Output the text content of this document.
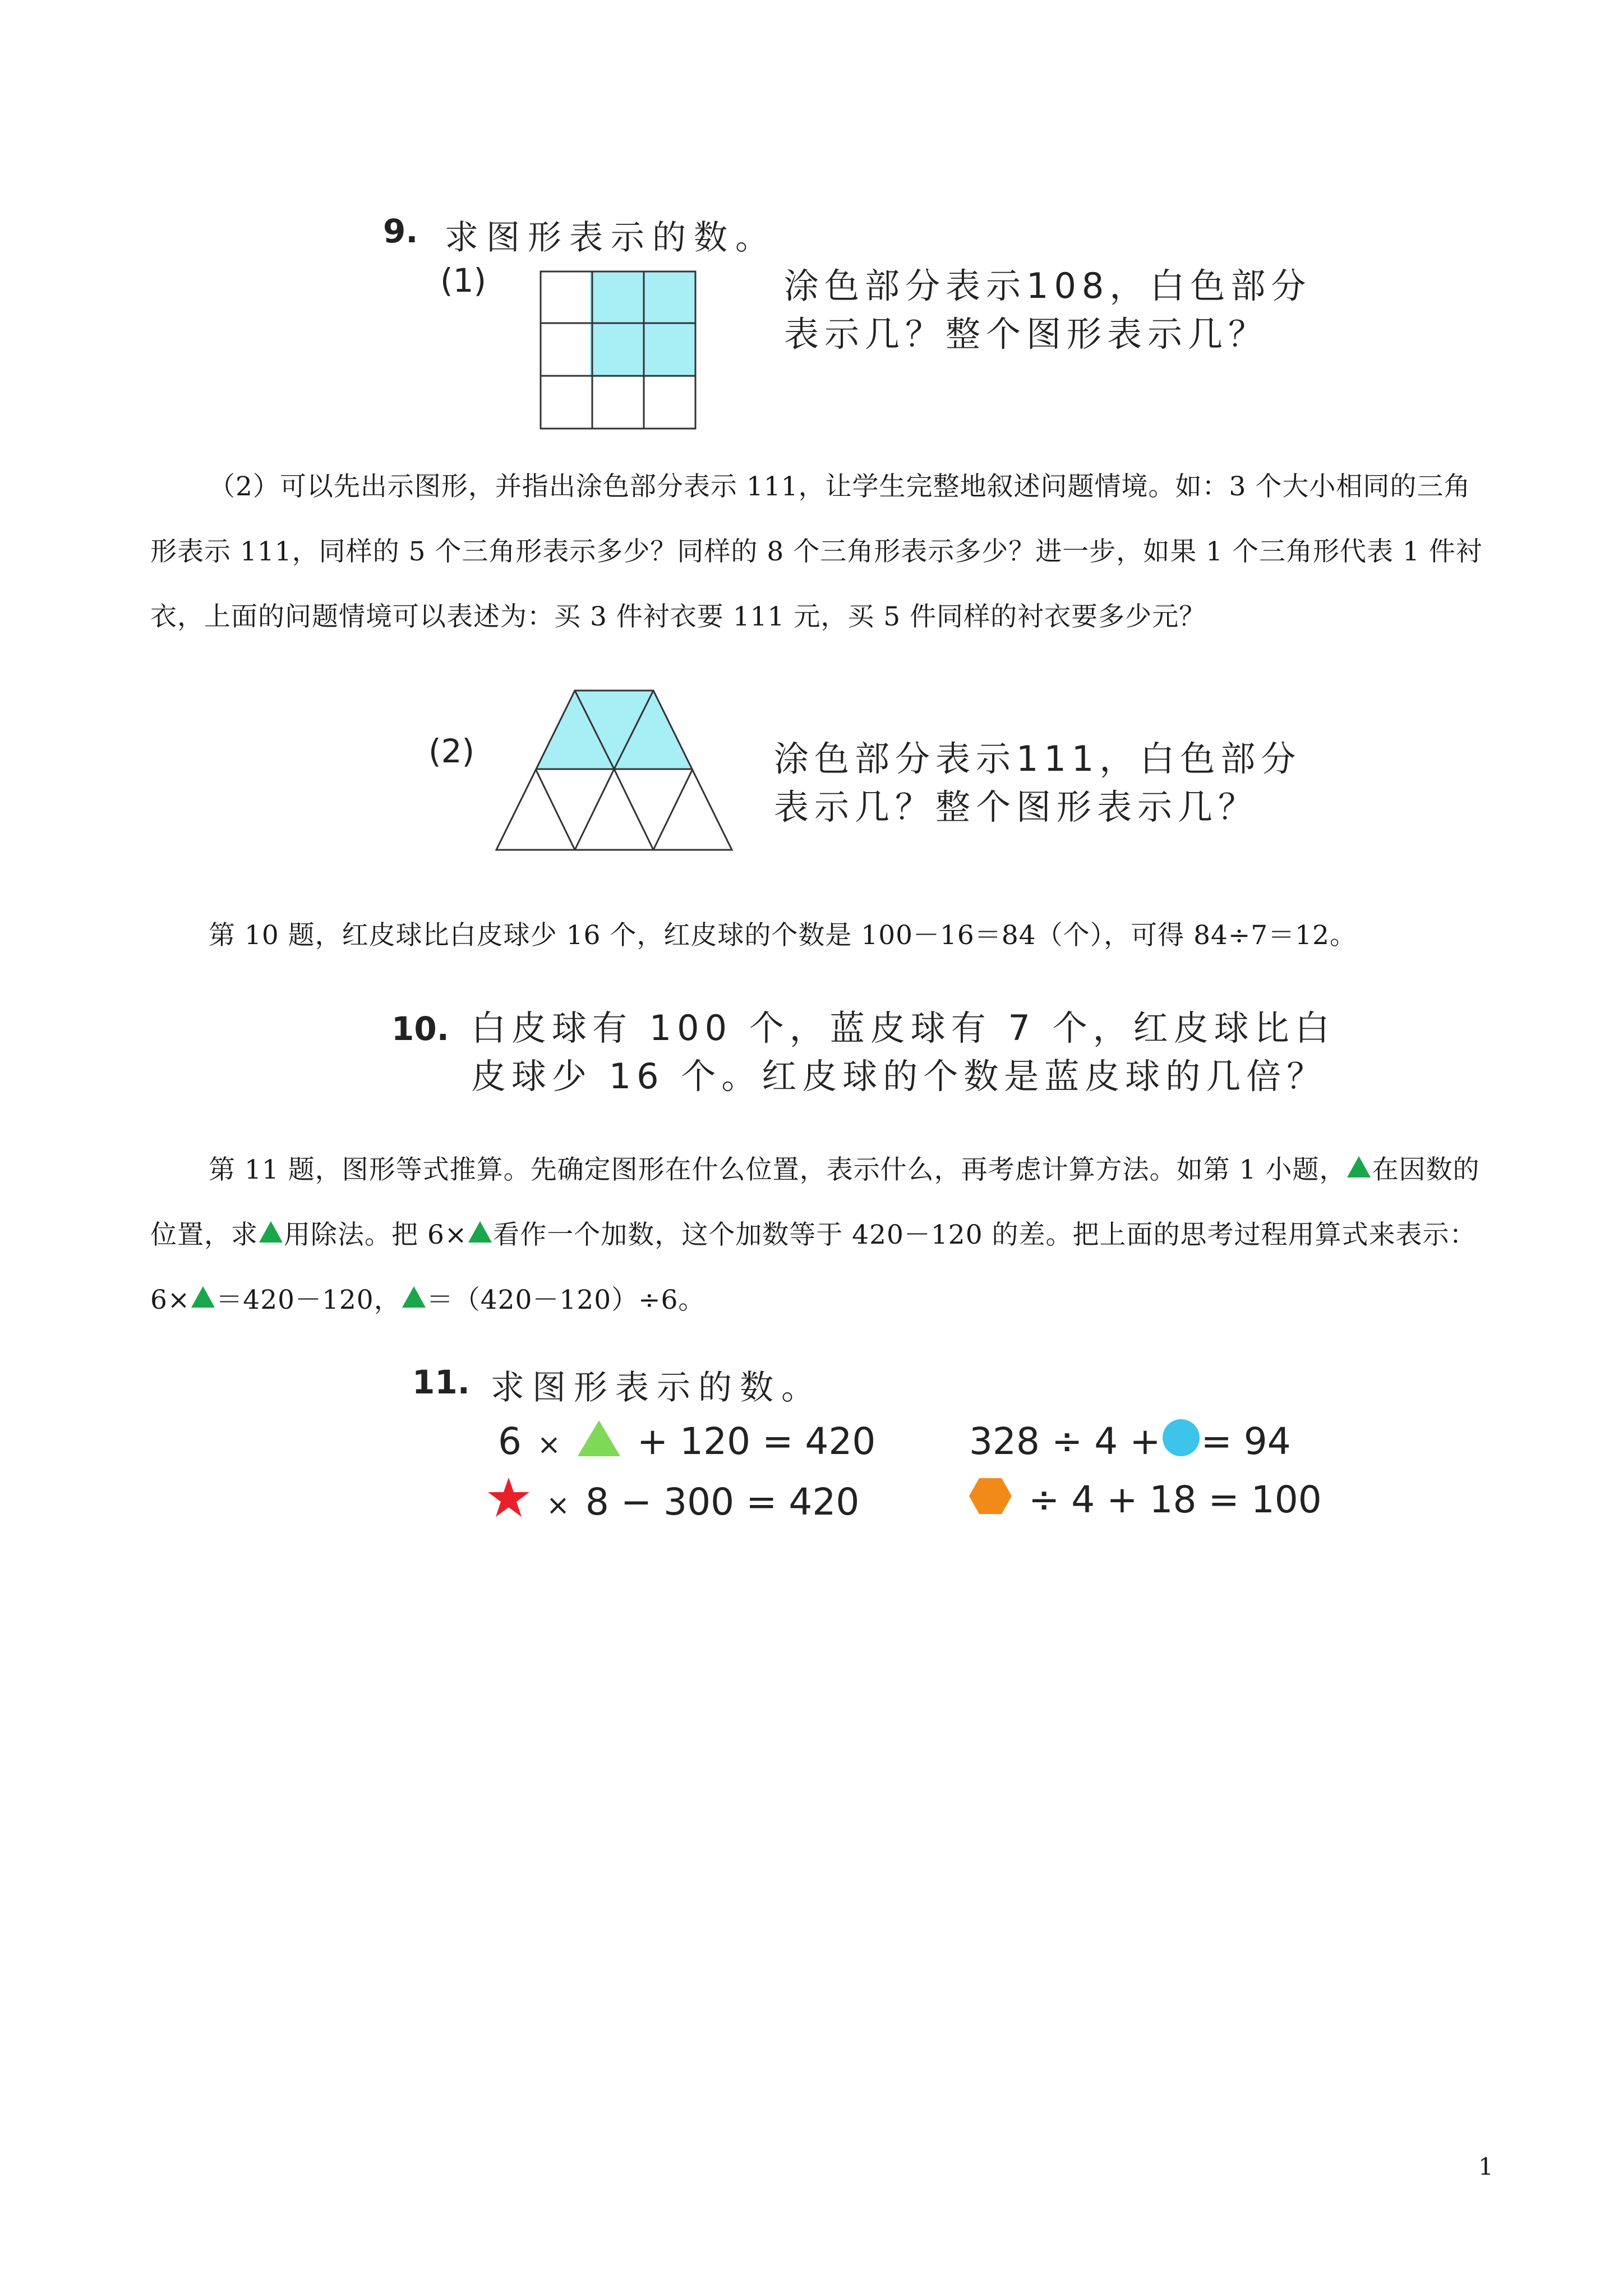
9. 求图形表示的数。
(1)	涂色部分表示108，白色部分
表示几？整个图形表示几？
（2）可以先出示图形，并指出涂色部分表示 111，让学生完整地叙述问题情境。如：3 个大小相同的三角形表示 111，同样的 5 个三角形表示多少？同样的 8 个三角形表示多少？进一步，如果 1 个三角形代表 1 件衬衣，上面的问题情境可以表述为：买 3 件衬衣要 111 元，买 5 件同样的衬衣要多少元？
(2)	涂色部分表示111，白色部分
表示几？整个图形表示几？
第 10 题，红皮球比白皮球少 16 个，红皮球的个数是 100－16＝84（个），可得 84÷7＝12。
10. 白皮球有 100 个，蓝皮球有 7 个，红皮球比白
皮球少 16 个。红皮球的个数是蓝皮球的几倍？
第 11 题，图形等式推算。先确定图形在什么位置，表示什么，再考虑计算方法。如第 1 小题， 在因数的位置，求 用除法。把 6× 看作一个加数，这个加数等于 420－120 的差。把上面的思考过程用算式来表示：6× ＝420－120， ＝（420－120）÷6。
11. 求图形表示的数。
6 × + 120 = 420
× 8 − 300 = 420
328 ÷ 4 + = 94
÷ 4 + 18 = 100
1
